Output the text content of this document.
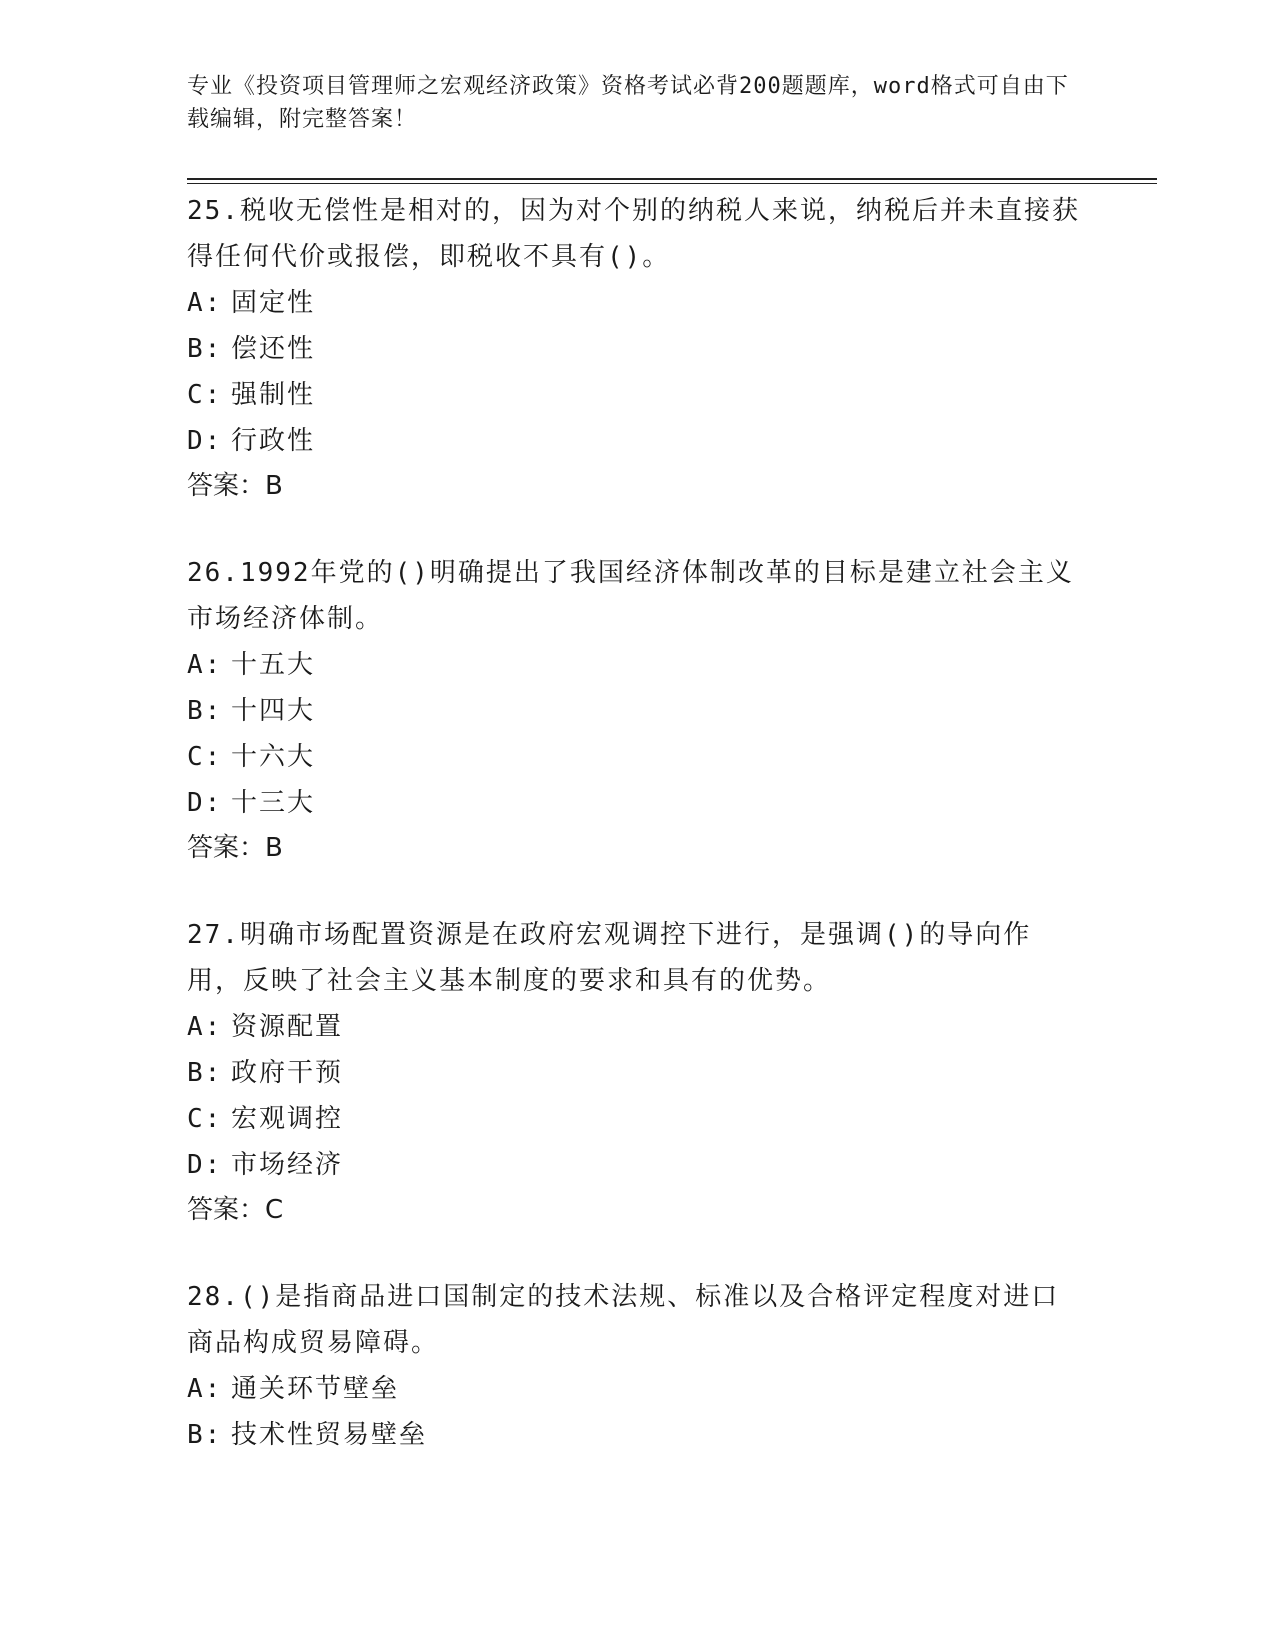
专业《投资项目管理师之宏观经济政策》资格考试必背200题题库，word格式可自由下载编辑，附完整答案！

25.税收无偿性是相对的，因为对个别的纳税人来说，纳税后并未直接获得任何代价或报偿，即税收不具有()。

A: 固定性

B: 偿还性

C: 强制性

D: 行政性

答案：B

26.1992年党的()明确提出了我国经济体制改革的目标是建立社会主义市场经济体制。

A: 十五大

B: 十四大

C: 十六大

D: 十三大

答案：B

27.明确市场配置资源是在政府宏观调控下进行，是强调()的导向作用，反映了社会主义基本制度的要求和具有的优势。

A: 资源配置

B: 政府干预

C: 宏观调控

D: 市场经济

答案：C

28.()是指商品进口国制定的技术法规、标准以及合格评定程度对进口商品构成贸易障碍。

A: 通关环节壁垒

B: 技术性贸易壁垒
